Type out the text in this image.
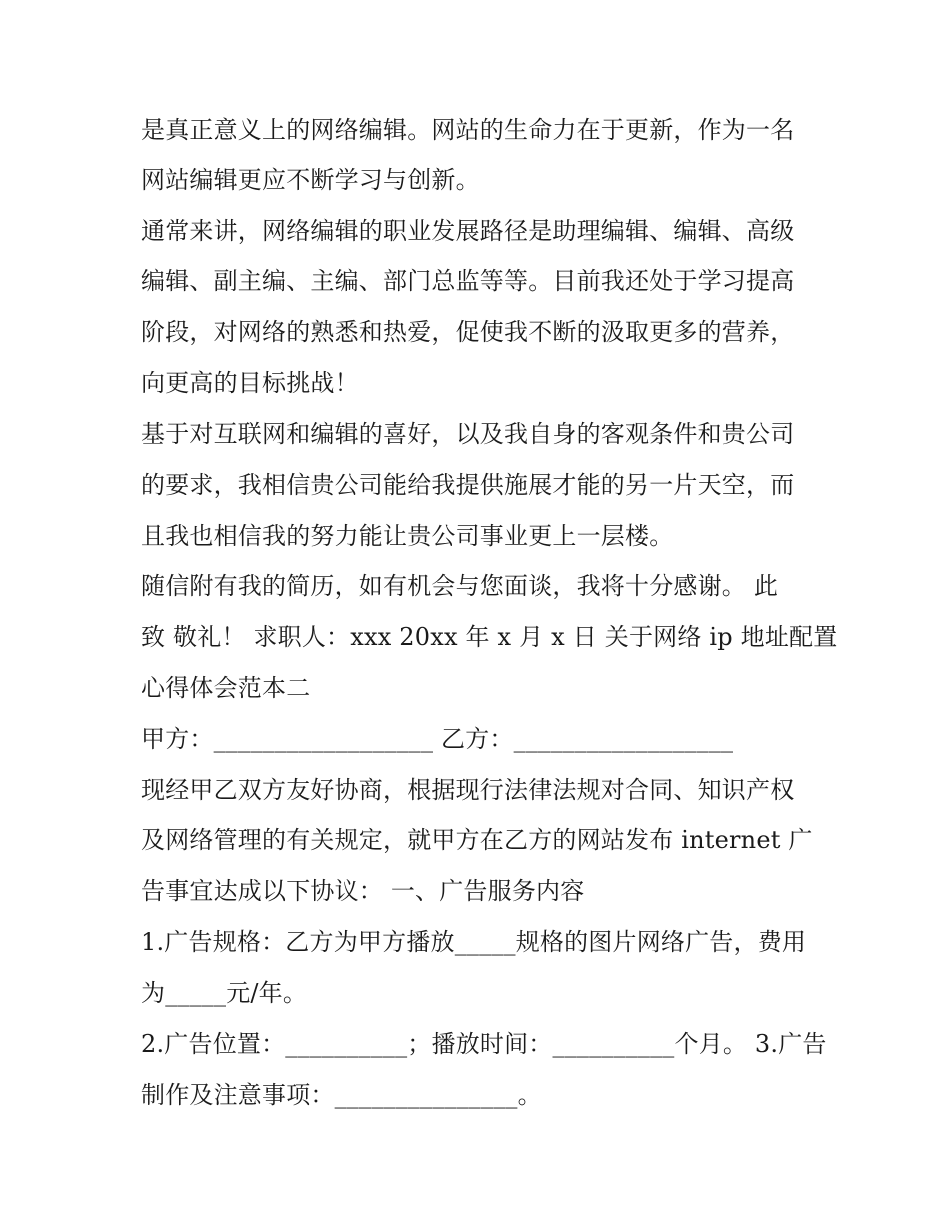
是真正意义上的网络编辑。网站的生命力在于更新，作为一名
网站编辑更应不断学习与创新。
通常来讲，网络编辑的职业发展路径是助理编辑、编辑、高级
编辑、副主编、主编、部门总监等等。目前我还处于学习提高
阶段，对网络的熟悉和热爱，促使我不断的汲取更多的营养，
向更高的目标挑战！
基于对互联网和编辑的喜好，以及我自身的客观条件和贵公司
的要求，我相信贵公司能给我提供施展才能的另一片天空，而
且我也相信我的努力能让贵公司事业更上一层楼。
随信附有我的简历，如有机会与您面谈，我将十分感谢。 此
致 敬礼！ 求职人：xxx 20xx 年 x 月 x 日 关于网络 ip 地址配置
心得体会范本二
甲方：__________________ 乙方：__________________
现经甲乙双方友好协商，根据现行法律法规对合同、知识产权
及网络管理的有关规定，就甲方在乙方的网站发布 internet 广
告事宜达成以下协议： 一、广告服务内容
1.广告规格：乙方为甲方播放_____规格的图片网络广告，费用
为_____元/年。
2.广告位置：__________；播放时间：__________个月。 3.广告
制作及注意事项：_______________。
